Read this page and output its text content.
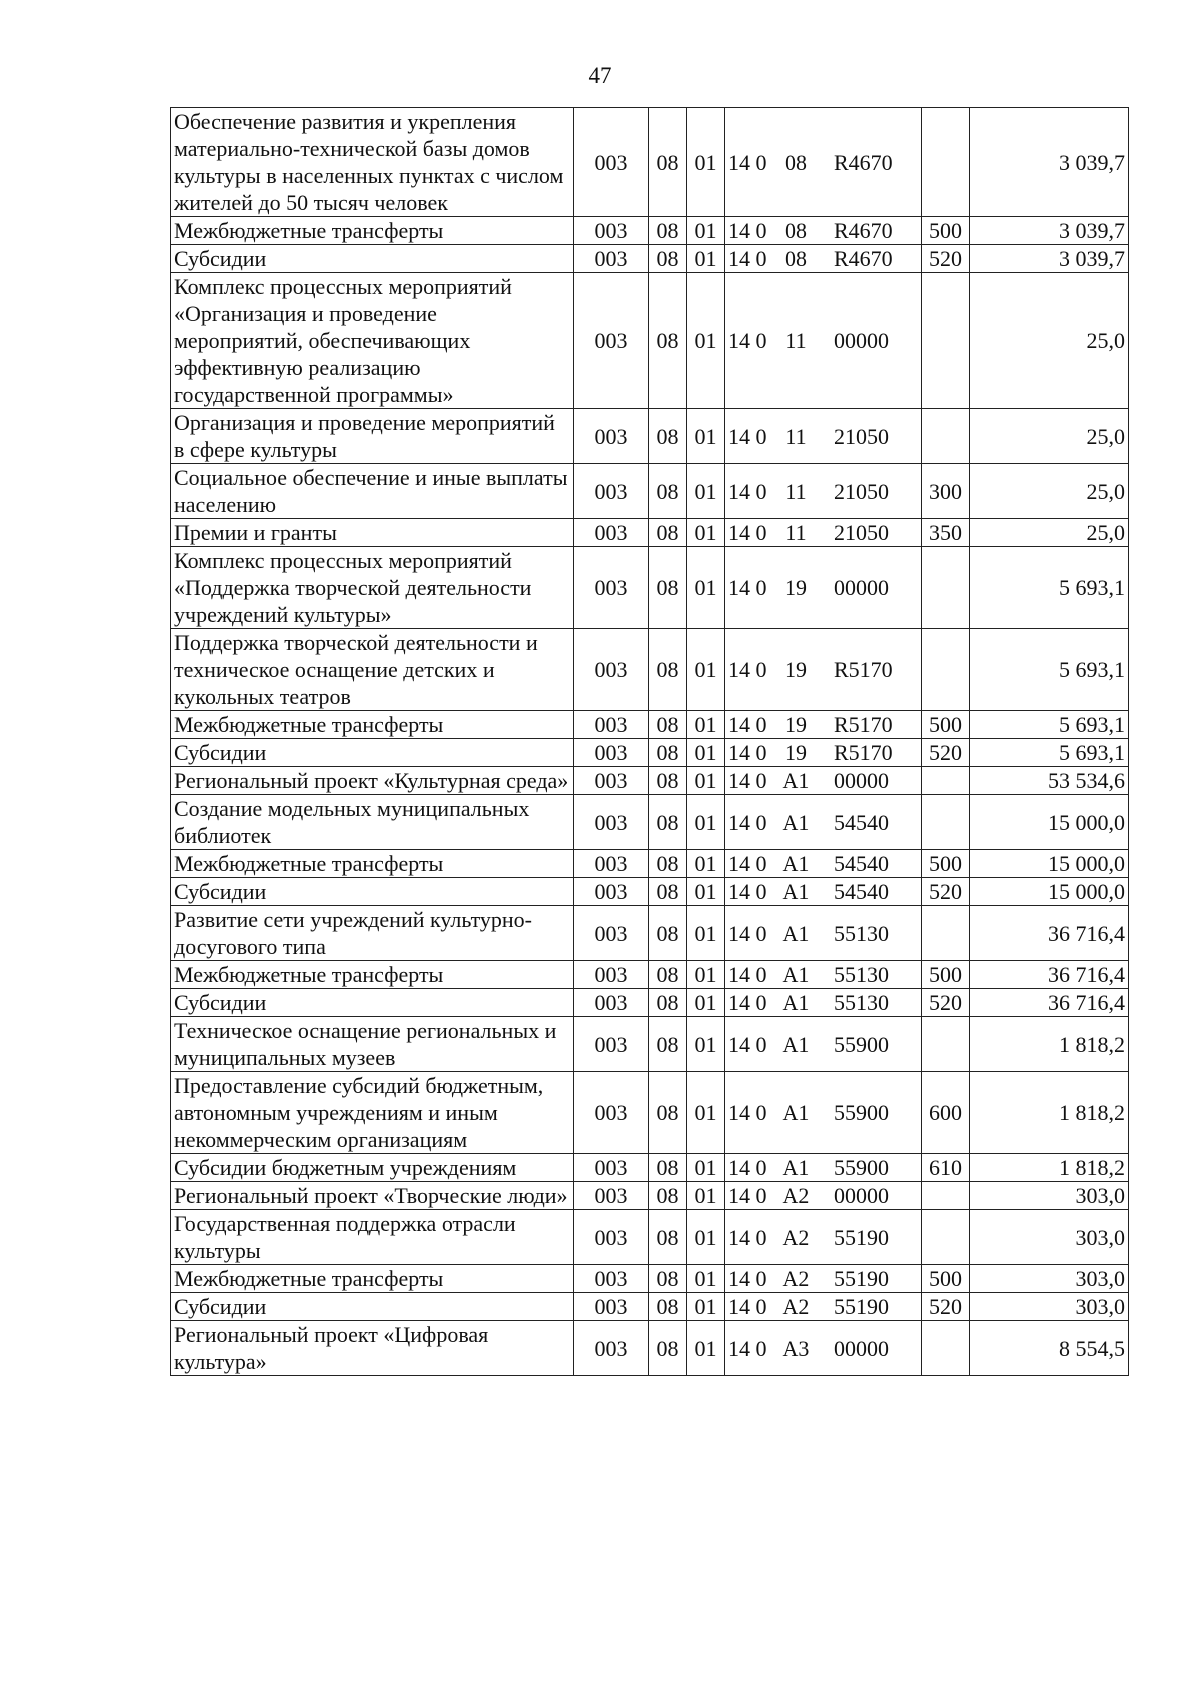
47
Обеспечение развития и укрепления материально-технической базы домов культуры в населенных пунктах с числом жителей до 50 тысяч человек	003	08	01	14 0 08 R4670		3 039,7
Межбюджетные трансферты	003	08	01	14 0 08 R4670	500	3 039,7
Субсидии	003	08	01	14 0 08 R4670	520	3 039,7
Комплекс процессных мероприятий «Организация и проведение мероприятий, обеспечивающих эффективную реализацию государственной программы»	003	08	01	14 0 11 00000		25,0
Организация и проведение мероприятий в сфере культуры	003	08	01	14 0 11 21050		25,0
Социальное обеспечение и иные выплаты населению	003	08	01	14 0 11 21050	300	25,0
Премии и гранты	003	08	01	14 0 11 21050	350	25,0
Комплекс процессных мероприятий «Поддержка творческой деятельности учреждений культуры»	003	08	01	14 0 19 00000		5 693,1
Поддержка творческой деятельности и техническое оснащение детских и кукольных театров	003	08	01	14 0 19 R5170		5 693,1
Межбюджетные трансферты	003	08	01	14 0 19 R5170	500	5 693,1
Субсидии	003	08	01	14 0 19 R5170	520	5 693,1
Региональный проект «Культурная среда»	003	08	01	14 0 A1 00000		53 534,6
Создание модельных муниципальных библиотек	003	08	01	14 0 A1 54540		15 000,0
Межбюджетные трансферты	003	08	01	14 0 A1 54540	500	15 000,0
Субсидии	003	08	01	14 0 A1 54540	520	15 000,0
Развитие сети учреждений культурно-досугового типа	003	08	01	14 0 A1 55130		36 716,4
Межбюджетные трансферты	003	08	01	14 0 A1 55130	500	36 716,4
Субсидии	003	08	01	14 0 A1 55130	520	36 716,4
Техническое оснащение региональных и муниципальных музеев	003	08	01	14 0 A1 55900		1 818,2
Предоставление субсидий бюджетным, автономным учреждениям и иным некоммерческим организациям	003	08	01	14 0 A1 55900	600	1 818,2
Субсидии бюджетным учреждениям	003	08	01	14 0 A1 55900	610	1 818,2
Региональный проект «Творческие люди»	003	08	01	14 0 A2 00000		303,0
Государственная поддержка отрасли культуры	003	08	01	14 0 A2 55190		303,0
Межбюджетные трансферты	003	08	01	14 0 A2 55190	500	303,0
Субсидии	003	08	01	14 0 A2 55190	520	303,0
Региональный проект «Цифровая культура»	003	08	01	14 0 A3 00000		8 554,5
